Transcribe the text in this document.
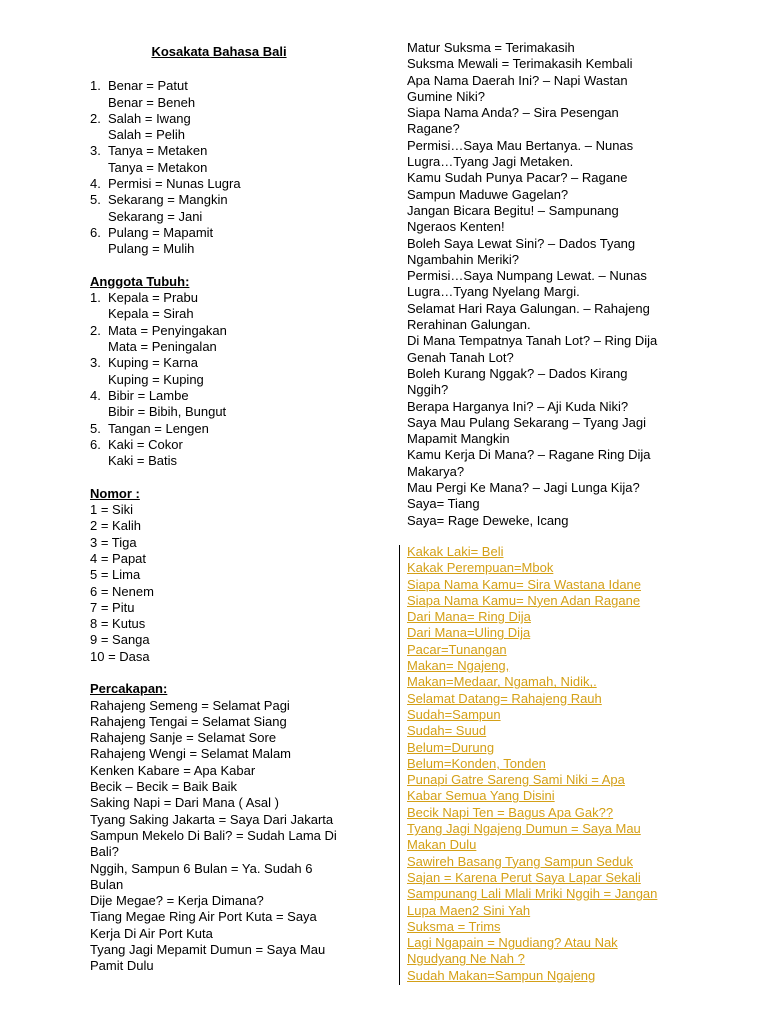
Kosakata Bahasa Bali
1. Benar = Patut
Benar = Beneh
2. Salah = Iwang
Salah = Pelih
3. Tanya = Metaken
Tanya = Metakon
4. Permisi = Nunas Lugra
5. Sekarang = Mangkin
Sekarang = Jani
6. Pulang = Mapamit
Pulang = Mulih
Anggota Tubuh:
1. Kepala = Prabu
Kepala = Sirah
2. Mata = Penyingakan
Mata = Peningalan
3. Kuping = Karna
Kuping = Kuping
4. Bibir = Lambe
Bibir = Bibih, Bungut
5. Tangan = Lengen
6. Kaki = Cokor
Kaki = Batis
Nomor :
1 = Siki
2 = Kalih
3 = Tiga
4 = Papat
5 = Lima
6 = Nenem
7 = Pitu
8 = Kutus
9 = Sanga
10 = Dasa
Percakapan:
Rahajeng Semeng = Selamat Pagi
Rahajeng Tengai = Selamat Siang
Rahajeng Sanje = Selamat Sore
Rahajeng Wengi = Selamat Malam
Kenken Kabare = Apa Kabar
Becik – Becik = Baik Baik
Saking Napi = Dari Mana ( Asal )
Tyang Saking Jakarta = Saya Dari Jakarta
Sampun Mekelo Di Bali? = Sudah Lama Di
Bali?
Nggih, Sampun 6 Bulan = Ya. Sudah 6
Bulan
Dije Megae? = Kerja Dimana?
Tiang Megae Ring Air Port Kuta = Saya
Kerja Di Air Port Kuta
Tyang Jagi Mepamit Dumun = Saya Mau
Pamit Dulu
Matur Suksma = Terimakasih
Suksma Mewali = Terimakasih Kembali
Apa Nama Daerah Ini? – Napi Wastan
Gumine Niki?
Siapa Nama Anda? – Sira Pesengan
Ragane?
Permisi…Saya Mau Bertanya. – Nunas
Lugra…Tyang Jagi Metaken.
Kamu Sudah Punya Pacar? – Ragane
Sampun Maduwe Gagelan?
Jangan Bicara Begitu! – Sampunang
Ngeraos Kenten!
Boleh Saya Lewat Sini? – Dados Tyang
Ngambahin Meriki?
Permisi…Saya Numpang Lewat. – Nunas
Lugra…Tyang Nyelang Margi.
Selamat Hari Raya Galungan. – Rahajeng
Rerahinan Galungan.
Di Mana Tempatnya Tanah Lot? – Ring Dija
Genah Tanah Lot?
Boleh Kurang Nggak? – Dados Kirang
Nggih?
Berapa Harganya Ini? – Aji Kuda Niki?
Saya Mau Pulang Sekarang – Tyang Jagi
Mapamit Mangkin
Kamu Kerja Di Mana? – Ragane Ring Dija
Makarya?
Mau Pergi Ke Mana? – Jagi Lunga Kija?
Saya= Tiang
Saya= Rage Deweke, Icang
Kakak Laki= Beli
Kakak Perempuan=Mbok
Siapa Nama Kamu= Sira Wastana Idane
Siapa Nama Kamu= Nyen Adan Ragane
Dari Mana= Ring Dija
Dari Mana=Uling Dija
Pacar=Tunangan
Makan= Ngajeng,
Makan=Medaar, Ngamah, Nidik,.
Selamat Datang= Rahajeng Rauh
Sudah=Sampun
Sudah= Suud
Belum=Durung
Belum=Konden, Tonden
Punapi Gatre Sareng Sami Niki = Apa
Kabar Semua Yang Disini
Becik Napi Ten = Bagus Apa Gak??
Tyang Jagi Ngajeng Dumun = Saya Mau
Makan Dulu
Sawireh Basang Tyang Sampun Seduk
Sajan = Karena Perut Saya Lapar Sekali
Sampunang Lali Mlali Mriki Nggih = Jangan
Lupa Maen2 Sini Yah
Suksma = Trims
Lagi Ngapain = Ngudiang? Atau Nak
Ngudyang Ne Nah ?
Sudah Makan=Sampun Ngajeng
